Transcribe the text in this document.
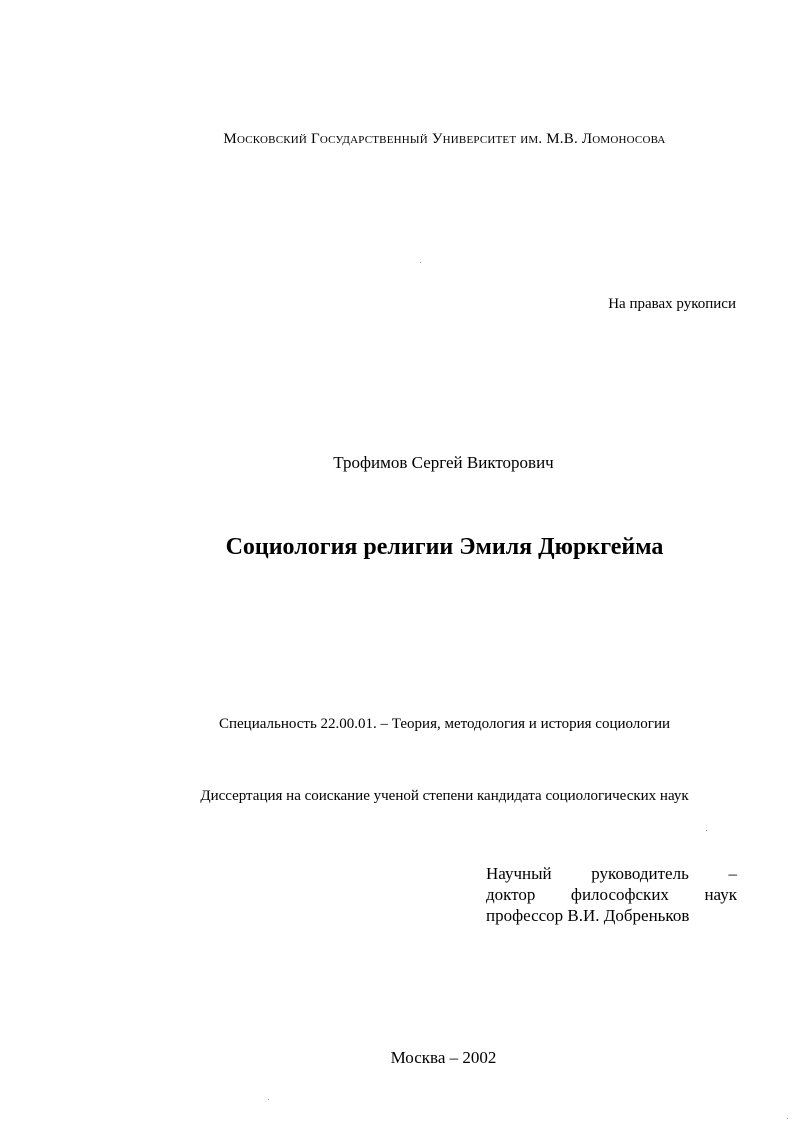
Московский Государственный Университет им. М.В. Ломоносова
На правах рукописи
Трофимов Сергей Викторович
Социология религии Эмиля Дюркгейма
Специальность 22.00.01. – Теория, методология и история социологии
Диссертация на соискание ученой степени кандидата социологических наук
Научный руководитель –
доктор философских наук
профессор В.И. Добреньков
Москва – 2002
